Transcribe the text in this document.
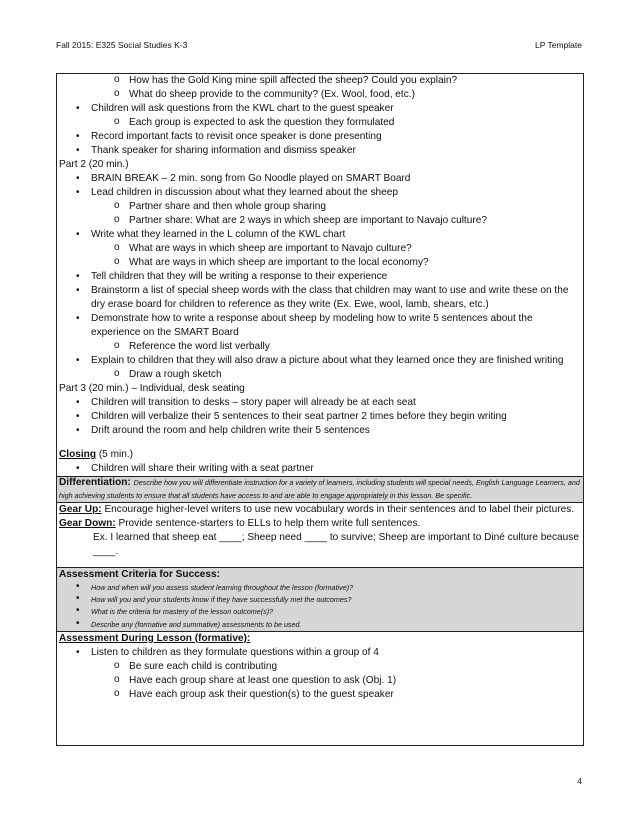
Fall 2015: E325 Social Studies K-3	LP Template
o How has the Gold King mine spill affected the sheep? Could you explain?
o What do sheep provide to the community? (Ex. Wool, food, etc.)
• Children will ask questions from the KWL chart to the guest speaker
o Each group is expected to ask the question they formulated
• Record important facts to revisit once speaker is done presenting
• Thank speaker for sharing information and dismiss speaker
Part 2 (20 min.)
• BRAIN BREAK – 2 min. song from Go Noodle played on SMART Board
• Lead children in discussion about what they learned about the sheep
o Partner share and then whole group sharing
o Partner share: What are 2 ways in which sheep are important to Navajo culture?
• Write what they learned in the L column of the KWL chart
o What are ways in which sheep are important to Navajo culture?
o What are ways in which sheep are important to the local economy?
• Tell children that they will be writing a response to their experience
• Brainstorm a list of special sheep words with the class that children may want to use and write these on the dry erase board for children to reference as they write (Ex. Ewe, wool, lamb, shears, etc.)
• Demonstrate how to write a response about sheep by modeling how to write 5 sentences about the experience on the SMART Board
o Reference the word list verbally
• Explain to children that they will also draw a picture about what they learned once they are finished writing
o Draw a rough sketch
Part 3 (20 min.) – Individual, desk seating
• Children will transition to desks – story paper will already be at each seat
• Children will verbalize their 5 sentences to their seat partner 2 times before they begin writing
• Drift around the room and help children write their 5 sentences
Closing (5 min.)
• Children will share their writing with a seat partner
Differentiation: Describe how you will differentiate instruction for a variety of learners, including students will special needs, English Language Learners, and high achieving students to ensure that all students have access to and are able to engage appropriately in this lesson. Be specific.
Gear Up: Encourage higher-level writers to use new vocabulary words in their sentences and to label their pictures.
Gear Down: Provide sentence-starters to ELLs to help them write full sentences.
Ex. I learned that sheep eat ____; Sheep need ____ to survive; Sheep are important to Diné culture because ____.
Assessment Criteria for Success:
• How and when will you assess student learning throughout the lesson (formative)?
• How will you and your students know if they have successfully met the outcomes?
• What is the criteria for mastery of the lesson outcome(s)?
• Describe any (formative and summative) assessments to be used.
Assessment During Lesson (formative):
• Listen to children as they formulate questions within a group of 4
o Be sure each child is contributing
o Have each group share at least one question to ask (Obj. 1)
o Have each group ask their question(s) to the guest speaker
4
